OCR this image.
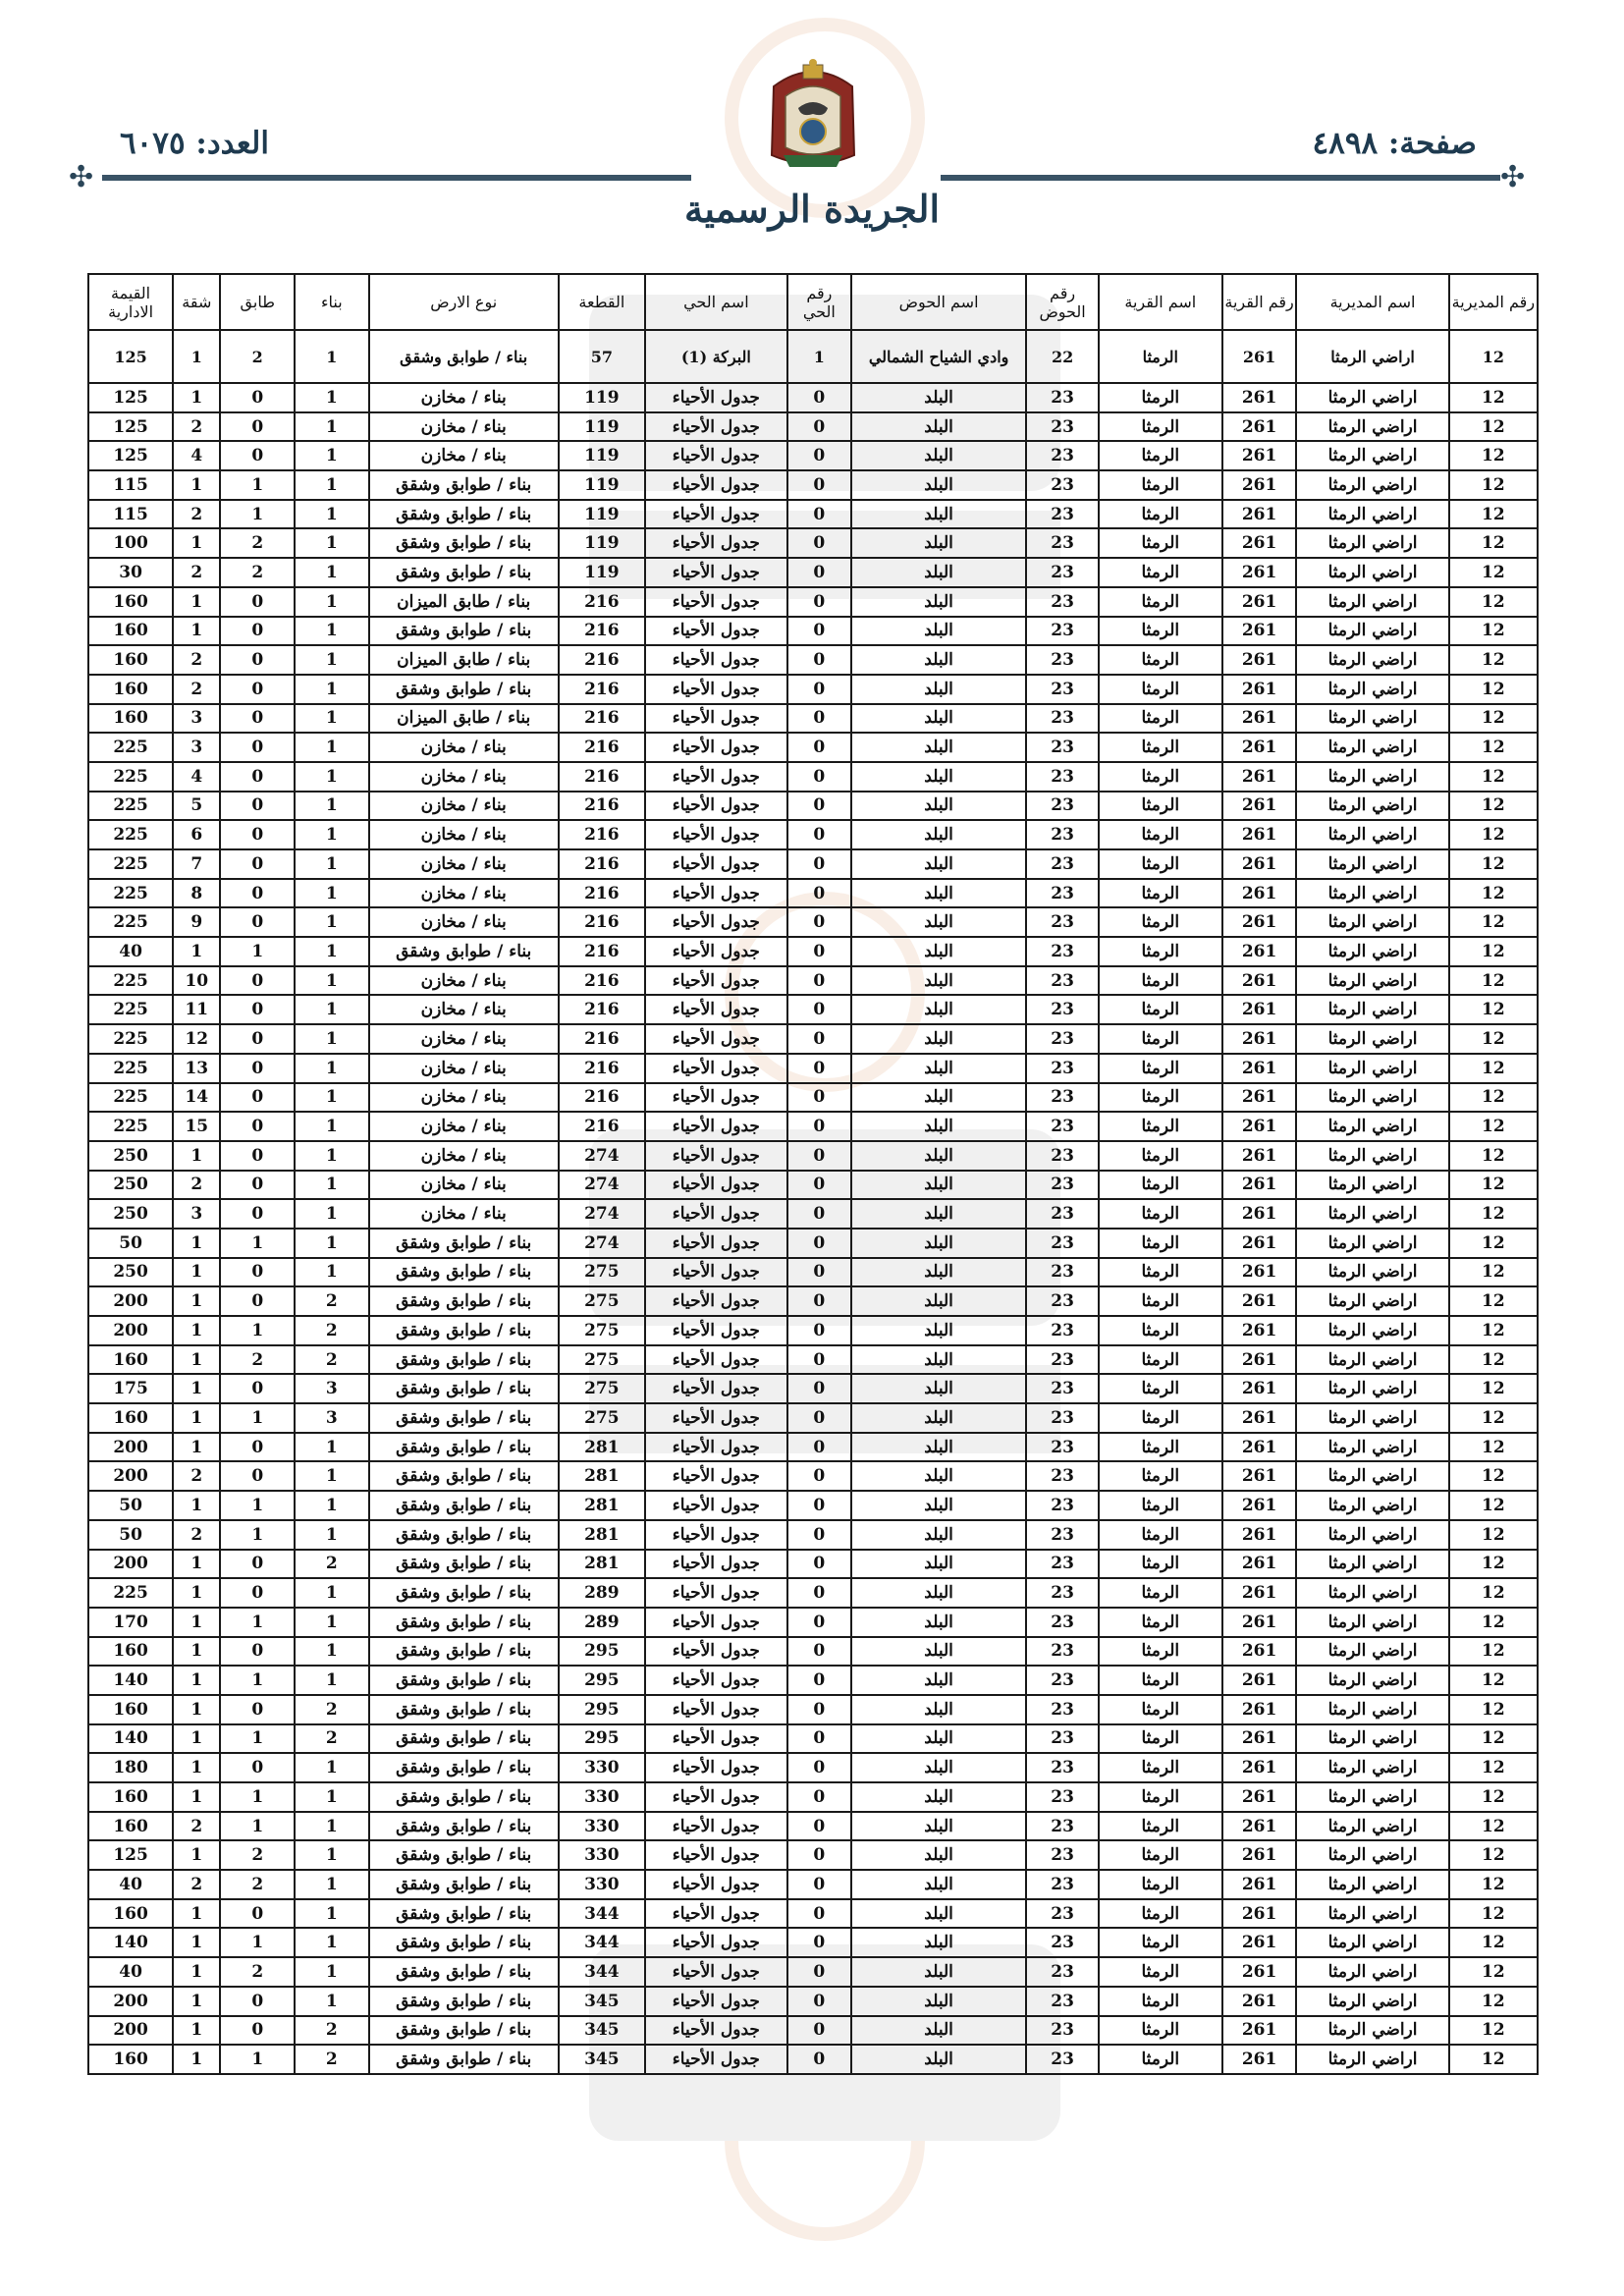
صفحة: ٤٨٩٨
العدد: ٦٠٧٥
✣	✣
الجريدة الرسمية
رقم المديرية	اسم المديرية	رقم القرية	اسم القرية	رقم الحوض	اسم الحوض	رقم الحي	اسم الحي	القطعة	نوع الارض	بناء	طابق	شقة	القيمة الادارية
12	اراضي الرمثا	261	الرمثا	22	وادي الشياح الشمالي	1	البركة (1)	57	بناء / طوابق وشقق	1	2	1	125
12	اراضي الرمثا	261	الرمثا	23	البلد	0	جدول الأحياء	119	بناء / مخازن	1	0	1	125
12	اراضي الرمثا	261	الرمثا	23	البلد	0	جدول الأحياء	119	بناء / مخازن	1	0	2	125
12	اراضي الرمثا	261	الرمثا	23	البلد	0	جدول الأحياء	119	بناء / مخازن	1	0	4	125
12	اراضي الرمثا	261	الرمثا	23	البلد	0	جدول الأحياء	119	بناء / طوابق وشقق	1	1	1	115
12	اراضي الرمثا	261	الرمثا	23	البلد	0	جدول الأحياء	119	بناء / طوابق وشقق	1	1	2	115
12	اراضي الرمثا	261	الرمثا	23	البلد	0	جدول الأحياء	119	بناء / طوابق وشقق	1	2	1	100
12	اراضي الرمثا	261	الرمثا	23	البلد	0	جدول الأحياء	119	بناء / طوابق وشقق	1	2	2	30
12	اراضي الرمثا	261	الرمثا	23	البلد	0	جدول الأحياء	216	بناء / طابق الميزان	1	0	1	160
12	اراضي الرمثا	261	الرمثا	23	البلد	0	جدول الأحياء	216	بناء / طوابق وشقق	1	0	1	160
12	اراضي الرمثا	261	الرمثا	23	البلد	0	جدول الأحياء	216	بناء / طابق الميزان	1	0	2	160
12	اراضي الرمثا	261	الرمثا	23	البلد	0	جدول الأحياء	216	بناء / طوابق وشقق	1	0	2	160
12	اراضي الرمثا	261	الرمثا	23	البلد	0	جدول الأحياء	216	بناء / طابق الميزان	1	0	3	160
12	اراضي الرمثا	261	الرمثا	23	البلد	0	جدول الأحياء	216	بناء / مخازن	1	0	3	225
12	اراضي الرمثا	261	الرمثا	23	البلد	0	جدول الأحياء	216	بناء / مخازن	1	0	4	225
12	اراضي الرمثا	261	الرمثا	23	البلد	0	جدول الأحياء	216	بناء / مخازن	1	0	5	225
12	اراضي الرمثا	261	الرمثا	23	البلد	0	جدول الأحياء	216	بناء / مخازن	1	0	6	225
12	اراضي الرمثا	261	الرمثا	23	البلد	0	جدول الأحياء	216	بناء / مخازن	1	0	7	225
12	اراضي الرمثا	261	الرمثا	23	البلد	0	جدول الأحياء	216	بناء / مخازن	1	0	8	225
12	اراضي الرمثا	261	الرمثا	23	البلد	0	جدول الأحياء	216	بناء / مخازن	1	0	9	225
12	اراضي الرمثا	261	الرمثا	23	البلد	0	جدول الأحياء	216	بناء / طوابق وشقق	1	1	1	40
12	اراضي الرمثا	261	الرمثا	23	البلد	0	جدول الأحياء	216	بناء / مخازن	1	0	10	225
12	اراضي الرمثا	261	الرمثا	23	البلد	0	جدول الأحياء	216	بناء / مخازن	1	0	11	225
12	اراضي الرمثا	261	الرمثا	23	البلد	0	جدول الأحياء	216	بناء / مخازن	1	0	12	225
12	اراضي الرمثا	261	الرمثا	23	البلد	0	جدول الأحياء	216	بناء / مخازن	1	0	13	225
12	اراضي الرمثا	261	الرمثا	23	البلد	0	جدول الأحياء	216	بناء / مخازن	1	0	14	225
12	اراضي الرمثا	261	الرمثا	23	البلد	0	جدول الأحياء	216	بناء / مخازن	1	0	15	225
12	اراضي الرمثا	261	الرمثا	23	البلد	0	جدول الأحياء	274	بناء / مخازن	1	0	1	250
12	اراضي الرمثا	261	الرمثا	23	البلد	0	جدول الأحياء	274	بناء / مخازن	1	0	2	250
12	اراضي الرمثا	261	الرمثا	23	البلد	0	جدول الأحياء	274	بناء / مخازن	1	0	3	250
12	اراضي الرمثا	261	الرمثا	23	البلد	0	جدول الأحياء	274	بناء / طوابق وشقق	1	1	1	50
12	اراضي الرمثا	261	الرمثا	23	البلد	0	جدول الأحياء	275	بناء / طوابق وشقق	1	0	1	250
12	اراضي الرمثا	261	الرمثا	23	البلد	0	جدول الأحياء	275	بناء / طوابق وشقق	2	0	1	200
12	اراضي الرمثا	261	الرمثا	23	البلد	0	جدول الأحياء	275	بناء / طوابق وشقق	2	1	1	200
12	اراضي الرمثا	261	الرمثا	23	البلد	0	جدول الأحياء	275	بناء / طوابق وشقق	2	2	1	160
12	اراضي الرمثا	261	الرمثا	23	البلد	0	جدول الأحياء	275	بناء / طوابق وشقق	3	0	1	175
12	اراضي الرمثا	261	الرمثا	23	البلد	0	جدول الأحياء	275	بناء / طوابق وشقق	3	1	1	160
12	اراضي الرمثا	261	الرمثا	23	البلد	0	جدول الأحياء	281	بناء / طوابق وشقق	1	0	1	200
12	اراضي الرمثا	261	الرمثا	23	البلد	0	جدول الأحياء	281	بناء / طوابق وشقق	1	0	2	200
12	اراضي الرمثا	261	الرمثا	23	البلد	0	جدول الأحياء	281	بناء / طوابق وشقق	1	1	1	50
12	اراضي الرمثا	261	الرمثا	23	البلد	0	جدول الأحياء	281	بناء / طوابق وشقق	1	1	2	50
12	اراضي الرمثا	261	الرمثا	23	البلد	0	جدول الأحياء	281	بناء / طوابق وشقق	2	0	1	200
12	اراضي الرمثا	261	الرمثا	23	البلد	0	جدول الأحياء	289	بناء / طوابق وشقق	1	0	1	225
12	اراضي الرمثا	261	الرمثا	23	البلد	0	جدول الأحياء	289	بناء / طوابق وشقق	1	1	1	170
12	اراضي الرمثا	261	الرمثا	23	البلد	0	جدول الأحياء	295	بناء / طوابق وشقق	1	0	1	160
12	اراضي الرمثا	261	الرمثا	23	البلد	0	جدول الأحياء	295	بناء / طوابق وشقق	1	1	1	140
12	اراضي الرمثا	261	الرمثا	23	البلد	0	جدول الأحياء	295	بناء / طوابق وشقق	2	0	1	160
12	اراضي الرمثا	261	الرمثا	23	البلد	0	جدول الأحياء	295	بناء / طوابق وشقق	2	1	1	140
12	اراضي الرمثا	261	الرمثا	23	البلد	0	جدول الأحياء	330	بناء / طوابق وشقق	1	0	1	180
12	اراضي الرمثا	261	الرمثا	23	البلد	0	جدول الأحياء	330	بناء / طوابق وشقق	1	1	1	160
12	اراضي الرمثا	261	الرمثا	23	البلد	0	جدول الأحياء	330	بناء / طوابق وشقق	1	1	2	160
12	اراضي الرمثا	261	الرمثا	23	البلد	0	جدول الأحياء	330	بناء / طوابق وشقق	1	2	1	125
12	اراضي الرمثا	261	الرمثا	23	البلد	0	جدول الأحياء	330	بناء / طوابق وشقق	1	2	2	40
12	اراضي الرمثا	261	الرمثا	23	البلد	0	جدول الأحياء	344	بناء / طوابق وشقق	1	0	1	160
12	اراضي الرمثا	261	الرمثا	23	البلد	0	جدول الأحياء	344	بناء / طوابق وشقق	1	1	1	140
12	اراضي الرمثا	261	الرمثا	23	البلد	0	جدول الأحياء	344	بناء / طوابق وشقق	1	2	1	40
12	اراضي الرمثا	261	الرمثا	23	البلد	0	جدول الأحياء	345	بناء / طوابق وشقق	1	0	1	200
12	اراضي الرمثا	261	الرمثا	23	البلد	0	جدول الأحياء	345	بناء / طوابق وشقق	2	0	1	200
12	اراضي الرمثا	261	الرمثا	23	البلد	0	جدول الأحياء	345	بناء / طوابق وشقق	2	1	1	160
